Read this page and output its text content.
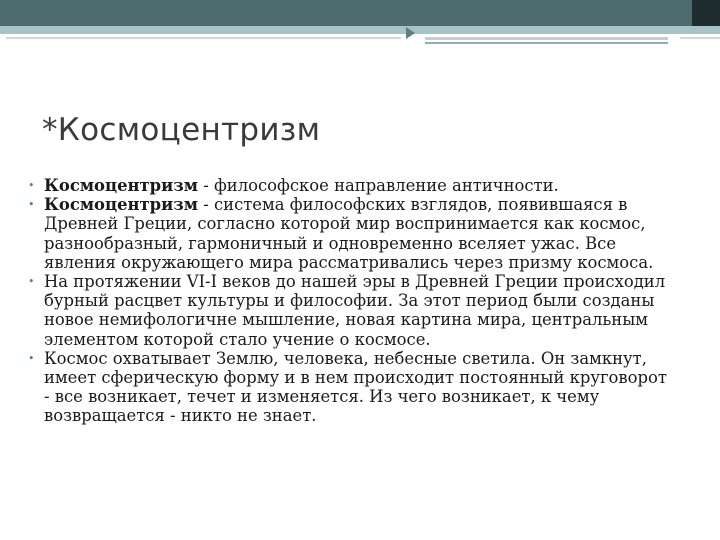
*Космоцентризм
• Космоцентризм - философское направление античности.
• Космоцентризм - система философских взглядов, появившаяся в Древней Греции, согласно которой мир воспринимается как космос, разнообразный, гармоничный и одновременно вселяет ужас. Все явления окружающего мира рассматривались через призму космоса.
• На протяжении VI-I веков до нашей эры в Древней Греции происходил бурный расцвет культуры и философии. За этот период были созданы новое немифологичне мышление, новая картина мира, центральным элементом которой стало учение о космосе.
• Космос охватывает Землю, человека, небесные светила. Он замкнут, имеет сферическую форму и в нем происходит постоянный круговорот - все возникает, течет и изменяется. Из чего возникает, к чему возвращается - никто не знает.
